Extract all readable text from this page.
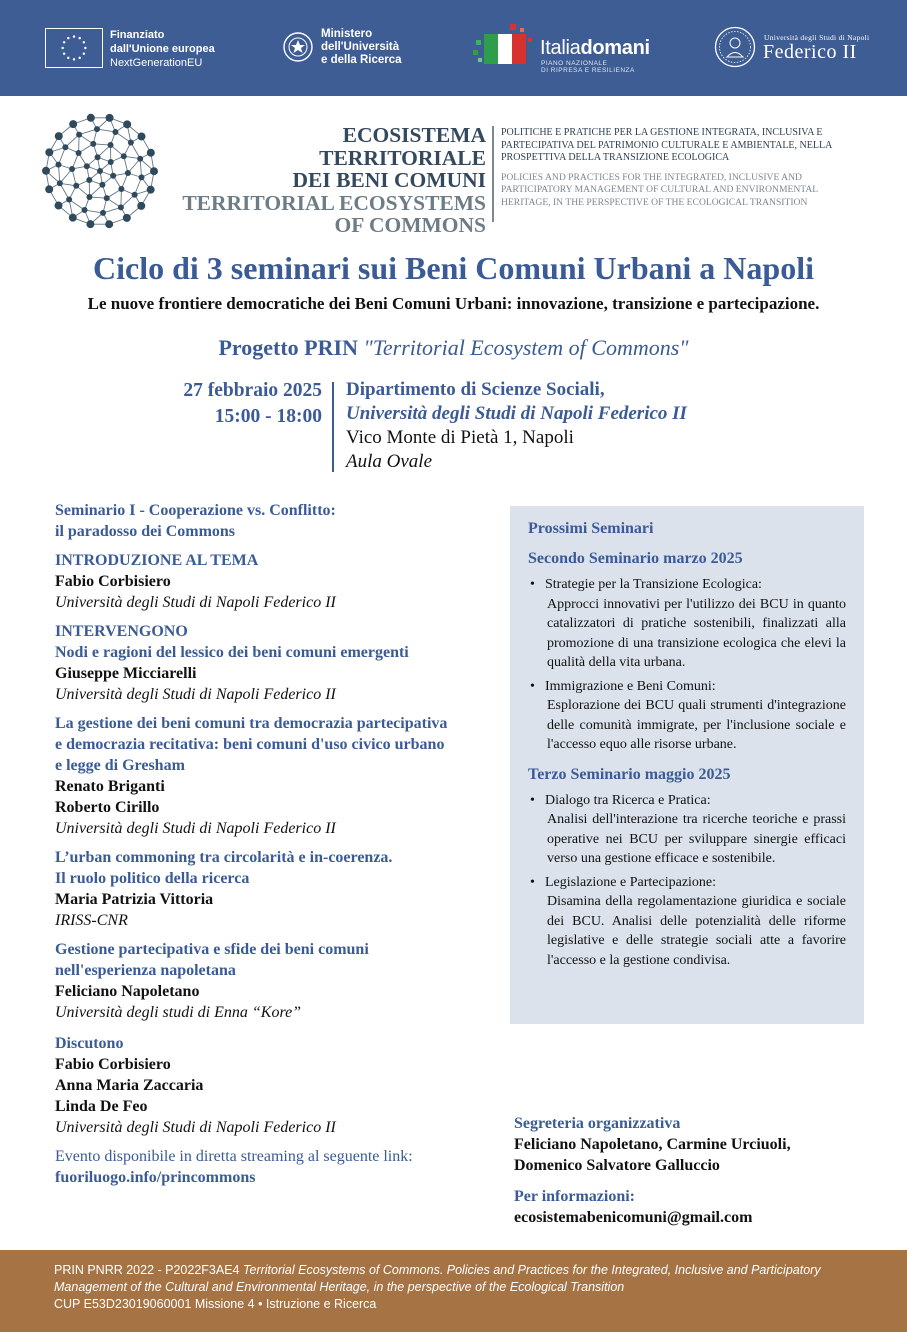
Finanziato
dall'Unione europea
NextGenerationEU
Ministero
dell'Università
e della Ricerca
Italiadomani
PIANO NAZIONALE
DI RIPRESA E RESILIENZA
Università degli Studi di Napoli
Federico II
ECOSISTEMA TERRITORIALE
DEI BENI COMUNI
TERRITORIAL ECOSYSTEMS
OF COMMONS
POLITICHE E PRATICHE PER LA GESTIONE INTEGRATA, INCLUSIVA E PARTECIPATIVA DEL PATRIMONIO CULTURALE E AMBIENTALE, NELLA PROSPETTIVA DELLA TRANSIZIONE ECOLOGICA
POLICIES AND PRACTICES FOR THE INTEGRATED, INCLUSIVE AND PARTICIPATORY MANAGEMENT OF CULTURAL AND ENVIRONMENTAL HERITAGE, IN THE PERSPECTIVE OF THE ECOLOGICAL TRANSITION
Ciclo di 3 seminari sui Beni Comuni Urbani a Napoli
Le nuove frontiere democratiche dei Beni Comuni Urbani: innovazione, transizione e partecipazione.
Progetto PRIN "Territorial Ecosystem of Commons"
27 febbraio 2025
15:00 - 18:00
Dipartimento di Scienze Sociali,
Università degli Studi di Napoli Federico II
Vico Monte di Pietà 1, Napoli
Aula Ovale
Seminario I - Cooperazione vs. Conflitto:
il paradosso dei Commons
INTRODUZIONE AL TEMA
Fabio Corbisiero
Università degli Studi di Napoli Federico II
INTERVENGONO
Nodi e ragioni del lessico dei beni comuni emergenti
Giuseppe Micciarelli
Università degli Studi di Napoli Federico II
La gestione dei beni comuni tra democrazia partecipativa
e democrazia recitativa: beni comuni d'uso civico urbano
e legge di Gresham
Renato Briganti
Roberto Cirillo
Università degli Studi di Napoli Federico II
L’urban commoning tra circolarità e in-coerenza.
Il ruolo politico della ricerca
Maria Patrizia Vittoria
IRISS-CNR
Gestione partecipativa e sfide dei beni comuni
nell'esperienza napoletana
Feliciano Napoletano
Università degli studi di Enna “Kore”
Discutono
Fabio Corbisiero
Anna Maria Zaccaria
Linda De Feo
Università degli Studi di Napoli Federico II
Evento disponibile in diretta streaming al seguente link:
fuoriluogo.info/princommons
Prossimi Seminari
Secondo Seminario marzo 2025
• Strategie per la Transizione Ecologica:
Approcci innovativi per l'utilizzo dei BCU in quanto catalizzatori di pratiche sostenibili, finalizzati alla promozione di una transizione ecologica che elevi la qualità della vita urbana.
• Immigrazione e Beni Comuni:
Esplorazione dei BCU quali strumenti d'integrazione delle comunità immigrate, per l'inclusione sociale e l'accesso equo alle risorse urbane.
Terzo Seminario maggio 2025
• Dialogo tra Ricerca e Pratica:
Analisi dell'interazione tra ricerche teoriche e prassi operative nei BCU per sviluppare sinergie efficaci verso una gestione efficace e sostenibile.
• Legislazione e Partecipazione:
Disamina della regolamentazione giuridica e sociale dei BCU. Analisi delle potenzialità delle riforme legislative e delle strategie sociali atte a favorire l'accesso e la gestione condivisa.
Segreteria organizzativa
Feliciano Napoletano, Carmine Urciuoli,
Domenico Salvatore Galluccio
Per informazioni:
ecosistemabenicomuni@gmail.com
PRIN PNRR 2022 - P2022F3AE4 Territorial Ecosystems of Commons. Policies and Practices for the Integrated, Inclusive and Participatory Management of the Cultural and Environmental Heritage, in the perspective of the Ecological Transition
CUP E53D23019060001 Missione 4 • Istruzione e Ricerca
